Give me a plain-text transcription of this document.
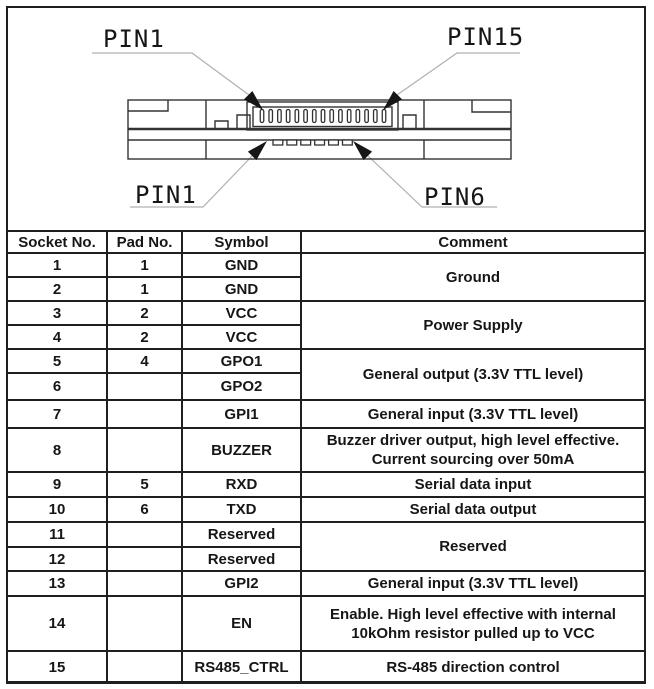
PIN1	PIN15
PIN1	PIN6
Socket No.	Pad No.	Symbol	Comment
1	1	GND	Ground
2	1	GND	
3	2	VCC	Power Supply
4	2	VCC	
5	4	GPO1	General output (3.3V TTL level)
6		GPO2	
7		GPI1	General input (3.3V TTL level)
8		BUZZER	Buzzer driver output, high level effective.
Current sourcing over 50mA

9	5	RXD	Serial data input
10	6	TXD	Serial data output
11		Reserved	Reserved
12		Reserved	
13		GPI2	General input (3.3V TTL level)
14		EN	Enable. High level effective with internal
10kOhm resistor pulled up to VCC

15		RS485_CTRL	RS-485 direction control
